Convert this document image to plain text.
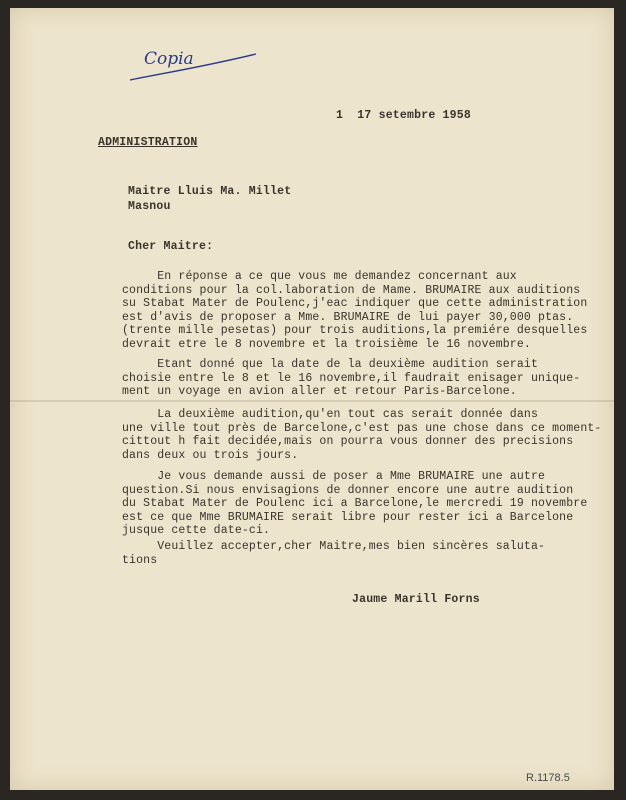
Copia
1  17 setembre 1958
ADMINISTRATION
Maitre Lluis Ma. Millet
Masnou
Cher Maitre:
En réponse a ce que vous me demandez concernant aux
conditions pour la col.laboration de Mame. BRUMAIRE aux auditions
su Stabat Mater de Poulenc,j'eac indiquer que cette administration
est d'avis de proposer a Mme. BRUMAIRE de lui payer 30,000 ptas.
(trente mille pesetas) pour trois auditions,la premiére desquelles
devrait etre le 8 novembre et la troisième le 16 novembre.
Etant donné que la date de la deuxième audition serait
choisie entre le 8 et le 16 novembre,il faudrait enisager unique-
ment un voyage en avion aller et retour Paris-Barcelone.
La deuxième audition,qu'en tout cas serait donnée dans
une ville tout près de Barcelone,c'est pas une chose dans ce moment-
cittout h fait decidée,mais on pourra vous donner des precisions
dans deux ou trois jours.
Je vous demande aussi de poser a Mme BRUMAIRE une autre
question.Si nous envisagions de donner encore une autre audition
du Stabat Mater de Poulenc ici a Barcelone,le mercredi 19 novembre
est ce que Mme BRUMAIRE serait libre pour rester ici a Barcelone
jusque cette date-ci.
Veuillez accepter,cher Maitre,mes bien sincères saluta-
tions
Jaume Marill Forns
R.1178.5
